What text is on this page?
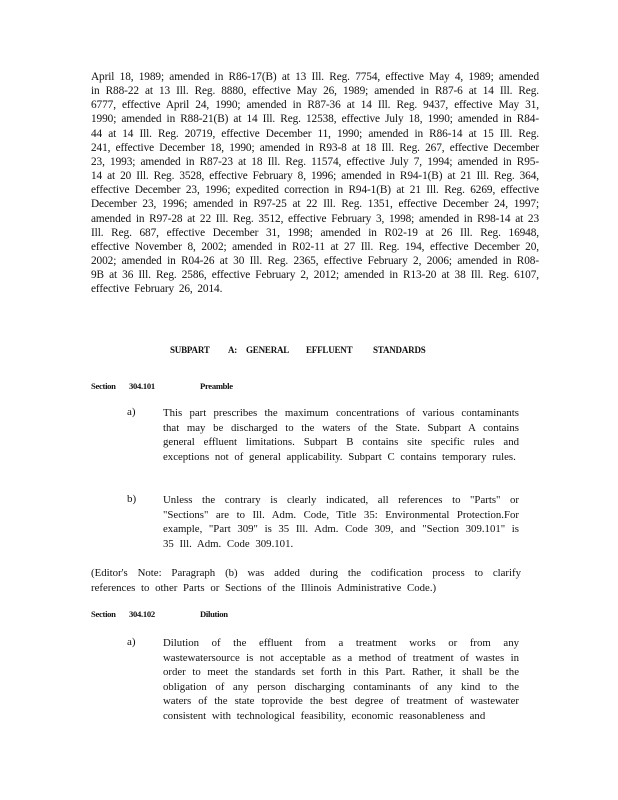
April 18, 1989; amended in R86-17(B) at 13 Ill. Reg. 7754, effective May 4, 1989; amended in R88-22 at 13 Ill. Reg. 8880, effective May 26, 1989; amended in R87-6 at 14 Ill. Reg. 6777, effective April 24, 1990; amended in R87-36 at 14 Ill. Reg. 9437, effective May 31, 1990; amended in R88-21(B) at 14 Ill. Reg. 12538, effective July 18, 1990; amended in R84-44 at 14 Ill. Reg. 20719, effective December 11, 1990; amended in R86-14 at 15 Ill. Reg. 241, effective December 18, 1990; amended in R93-8 at 18 Ill. Reg. 267, effective December 23, 1993; amended in R87-23 at 18 Ill. Reg. 11574, effective July 7, 1994; amended in R95-14 at 20 Ill. Reg. 3528, effective February 8, 1996; amended in R94-1(B) at 21 Ill. Reg. 364, effective December 23, 1996; expedited correction in R94-1(B) at 21 Ill. Reg. 6269, effective December 23, 1996; amended in R97-25 at 22 Ill. Reg. 1351, effective December 24, 1997; amended in R97-28 at 22 Ill. Reg. 3512, effective February 3, 1998; amended in R98-14 at 23 Ill. Reg. 687, effective December 31, 1998; amended in R02-19 at 26 Ill. Reg. 16948, effective November 8, 2002; amended in R02-11 at 27 Ill. Reg. 194, effective December 20, 2002; amended in R04-26 at 30 Ill. Reg. 2365, effective February 2, 2006; amended in R08-9B at 36 Ill. Reg. 2586, effective February 2, 2012; amended in R13-20 at 38 Ill. Reg. 6107, effective February 26, 2014.
SUBPART A: GENERAL EFFLUENT STANDARDS
Section 304.101	Preamble
a)	This part prescribes the maximum concentrations of various contaminants that may be discharged to the waters of the State. Subpart A contains general effluent limitations. Subpart B contains site specific rules and exceptions not of general applicability. Subpart C contains temporary rules.
b) Unless the contrary is clearly indicated, all references to "Parts" or "Sections" are to Ill. Adm. Code, Title 35: Environmental Protection.For example, "Part 309" is 35 Ill. Adm. Code 309, and "Section 309.101" is 35 Ill. Adm. Code 309.101.
(Editor's Note: Paragraph (b) was added during the codification process to clarify references to other Parts or Sections of the Illinois Administrative Code.)
Section 304.102	Dilution
a)	Dilution of the effluent from a treatment works or from any wastewatersource is not acceptable as a method of treatment of wastes in order to meet the standards set forth in this Part. Rather, it shall be the obligation of any person discharging contaminants of any kind to the waters of the state toprovide the best degree of treatment of wastewater consistent with technological feasibility, economic reasonableness and
